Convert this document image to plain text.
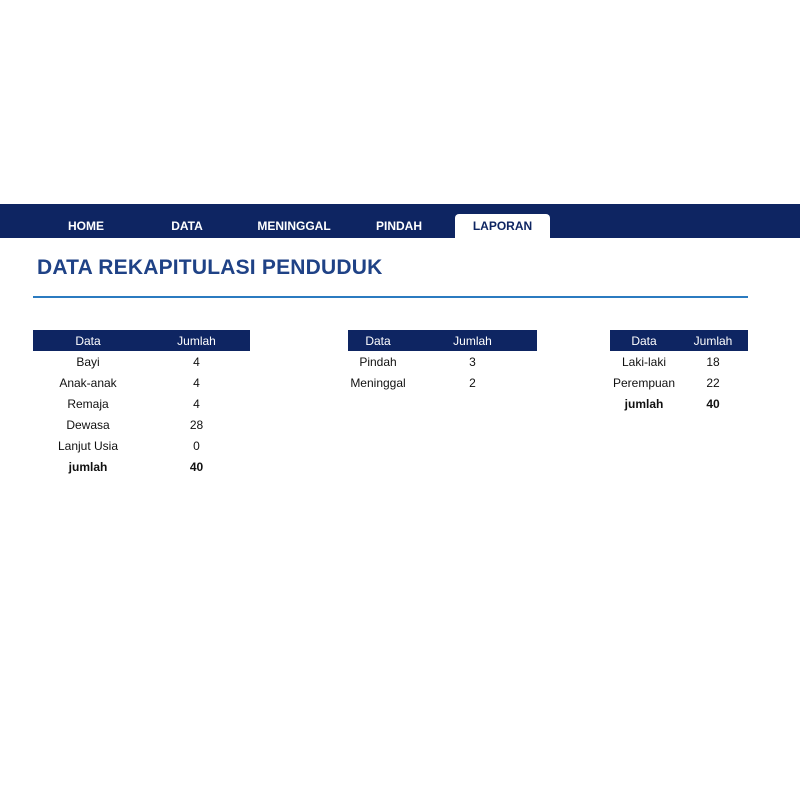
HOME	DATA	MENINGGAL	PINDAH	LAPORAN
DATA REKAPITULASI PENDUDUK
Data	Jumlah
Bayi	4
Anak-anak	4
Remaja	4
Dewasa	28
Lanjut Usia	0
jumlah	40
Data	Jumlah
Pindah	3
Meninggal	2
Data	Jumlah
Laki-laki	18
Perempuan	22
jumlah	40
